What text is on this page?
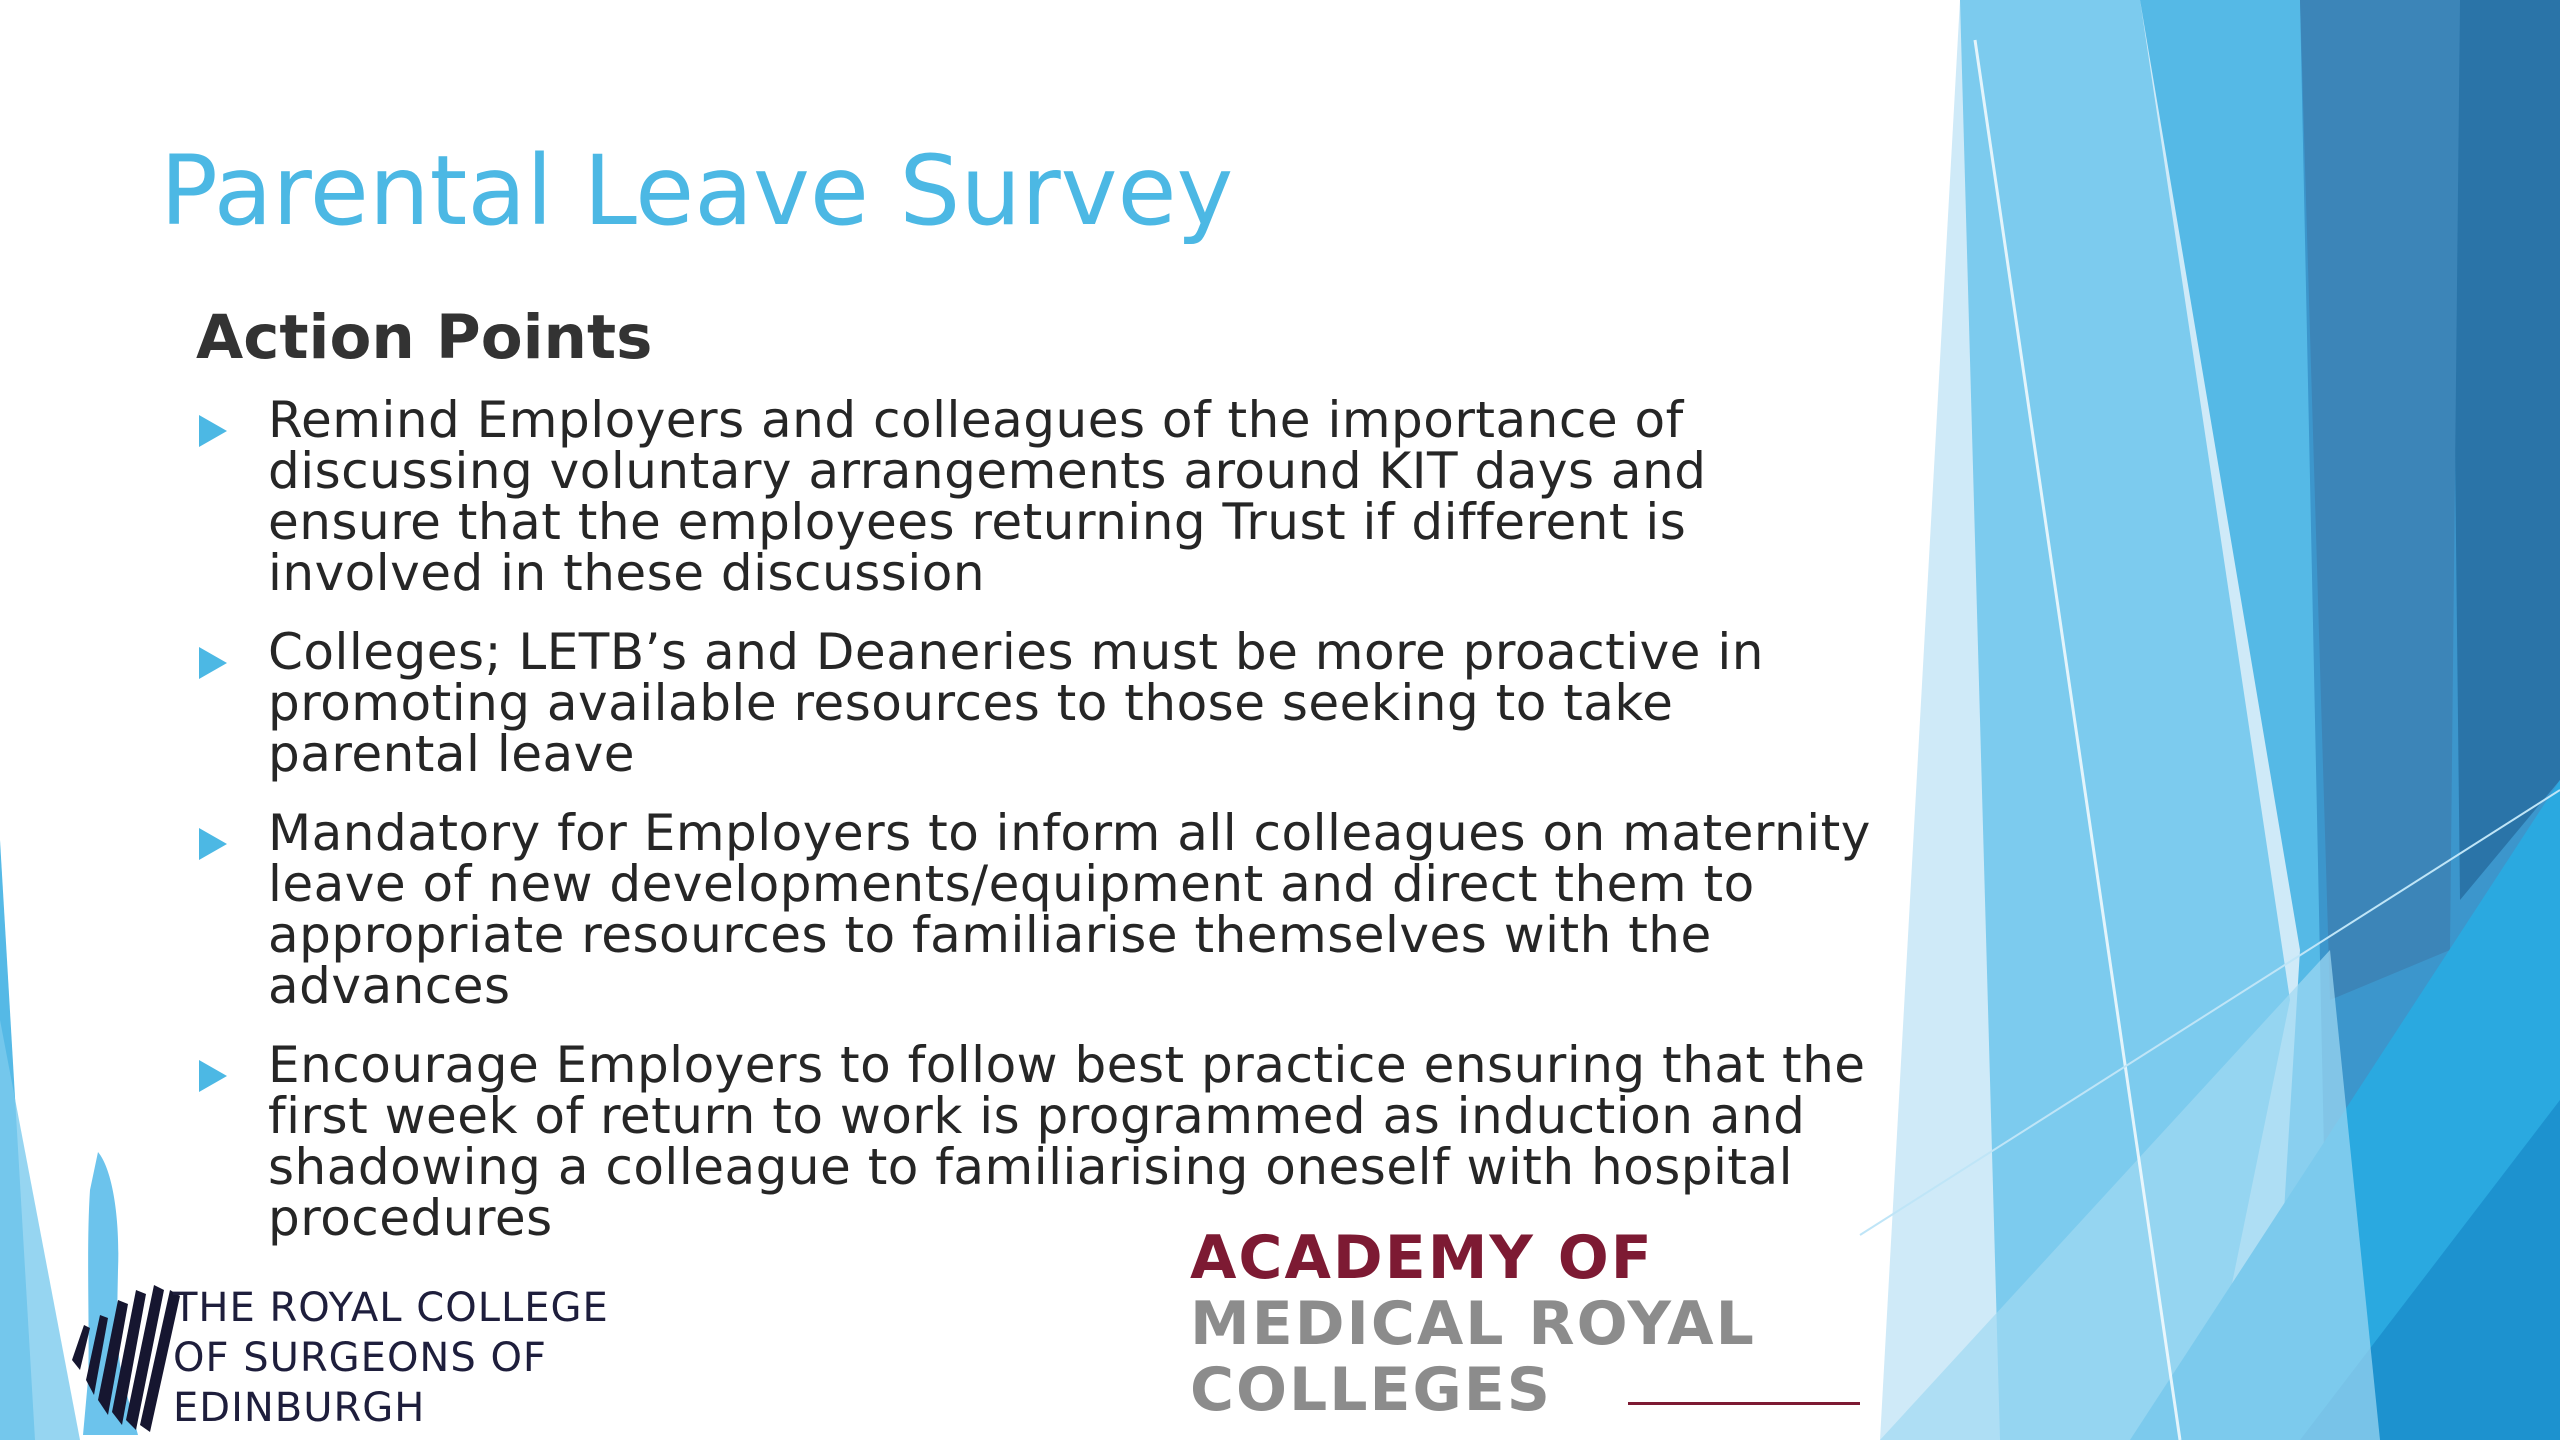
Parental Leave Survey
Action Points
Remind Employers and colleagues of the importance of discussing voluntary arrangements around KIT days and ensure that the employees returning Trust if different is involved in these discussion
Colleges; LETB’s and Deaneries must be more proactive in promoting available resources to those seeking to take parental leave
Mandatory for Employers to inform all colleagues on maternity leave of new developments/equipment and direct them to appropriate resources to familiarise themselves with the advances
Encourage Employers to follow best practice ensuring that the first week of return to work is programmed as induction and shadowing a colleague to familiarising oneself with hospital procedures
THE ROYAL COLLEGE
OF SURGEONS OF
EDINBURGH
ACADEMY OF
MEDICAL ROYAL
COLLEGES
